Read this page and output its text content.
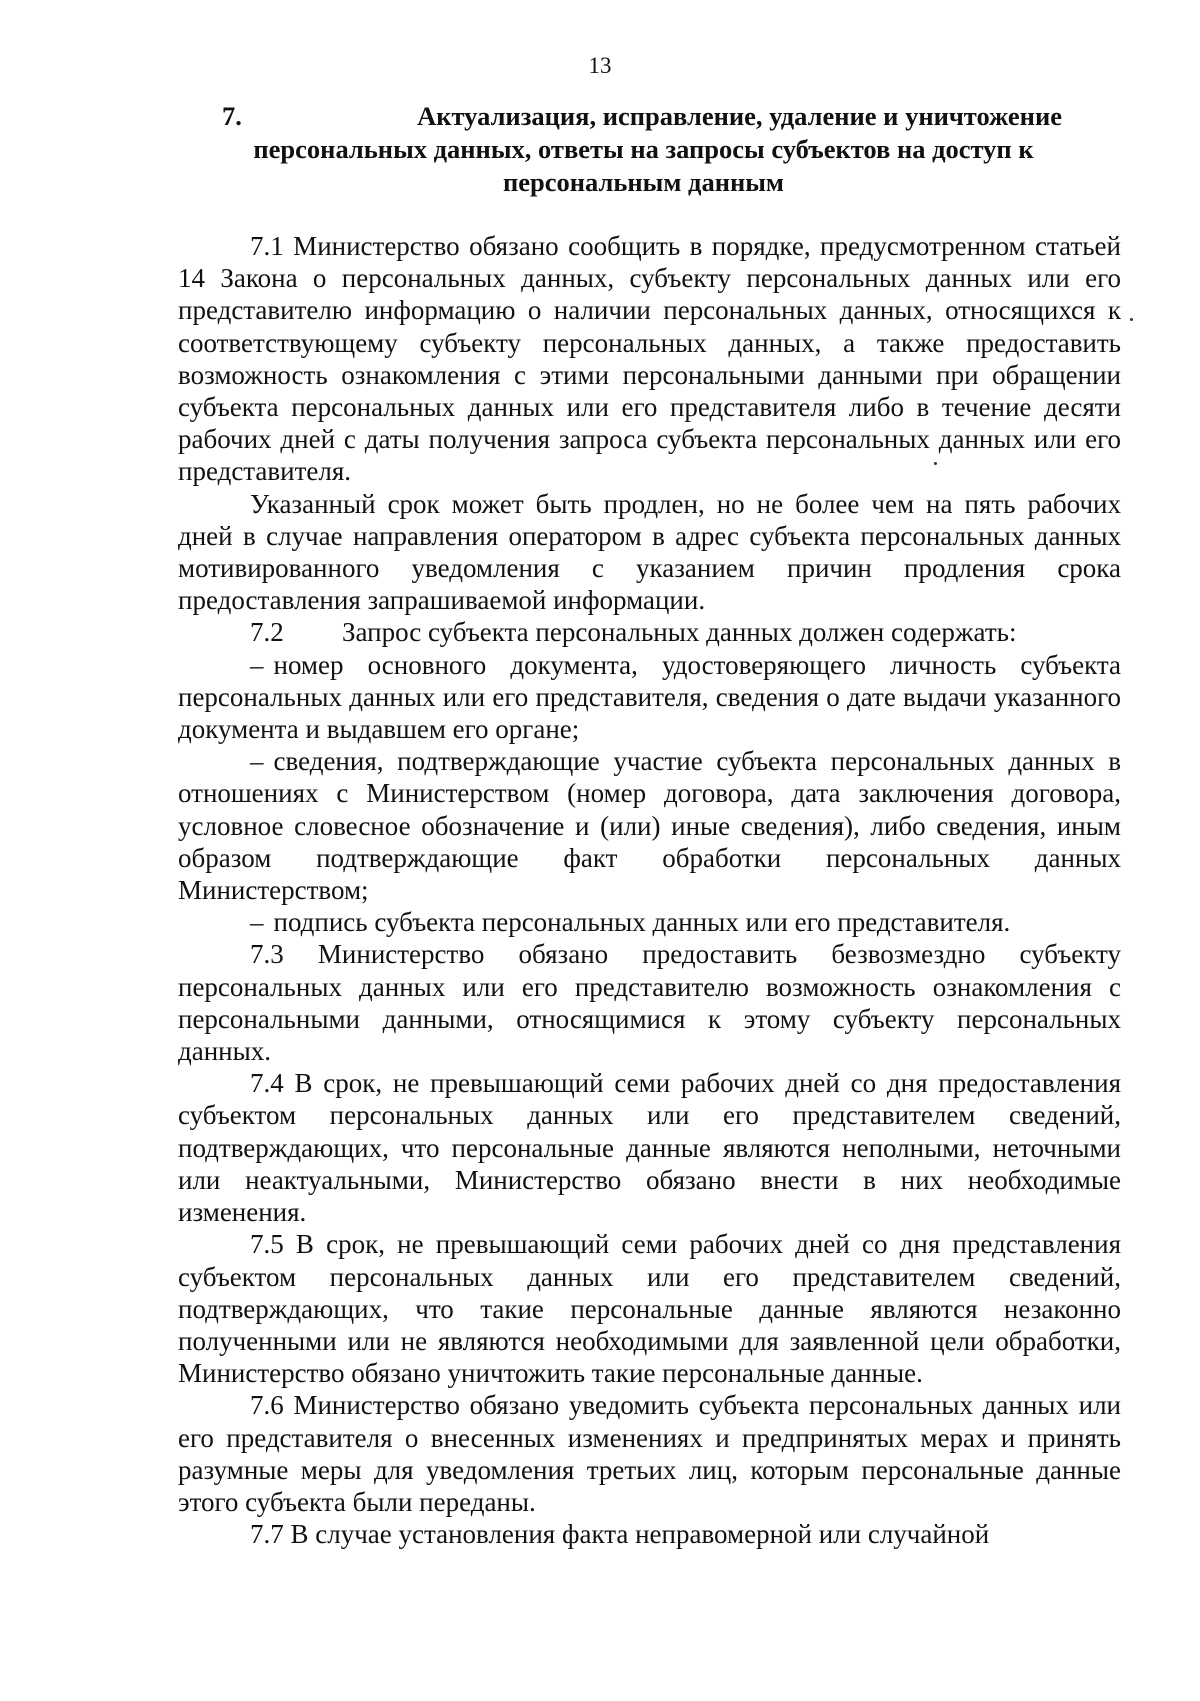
13
7.	Актуализация, исправление, удаление и уничтожение
персональных данных, ответы на запросы субъектов на доступ к
персональным данным

7.1 Министерство обязано сообщить в порядке, предусмотренном статьей 14 Закона о персональных данных, субъекту персональных данных или его представителю информацию о наличии персональных данных, относящихся к соответствующему субъекту персональных данных, а также предоставить возможность ознакомления с этими персональными данными при обращении субъекта персональных данных или его представителя либо в течение десяти рабочих дней с даты получения запроса субъекта персональных данных или его представителя.

Указанный срок может быть продлен, но не более чем на пять рабочих дней в случае направления оператором в адрес субъекта персональных данных мотивированного уведомления с указанием причин продления срока предоставления запрашиваемой информации.

7.2 Запрос субъекта персональных данных должен содержать:

– номер основного документа, удостоверяющего личность субъекта персональных данных или его представителя, сведения о дате выдачи указанного документа и выдавшем его органе;

– сведения, подтверждающие участие субъекта персональных данных в отношениях с Министерством (номер договора, дата заключения договора, условное словесное обозначение и (или) иные сведения), либо сведения, иным образом подтверждающие факт обработки персональных данных Министерством;

– подпись субъекта персональных данных или его представителя.

7.3 Министерство обязано предоставить безвозмездно субъекту персональных данных или его представителю возможность ознакомления с персональными данными, относящимися к этому субъекту персональных данных.

7.4 В срок, не превышающий семи рабочих дней со дня предоставления субъектом персональных данных или его представителем сведений, подтверждающих, что персональные данные являются неполными, неточными или неактуальными, Министерство обязано внести в них необходимые изменения.

7.5 В срок, не превышающий семи рабочих дней со дня представления субъектом персональных данных или его представителем сведений, подтверждающих, что такие персональные данные являются незаконно полученными или не являются необходимыми для заявленной цели обработки, Министерство обязано уничтожить такие персональные данные.

7.6 Министерство обязано уведомить субъекта персональных данных или его представителя о внесенных изменениях и предпринятых мерах и принять разумные меры для уведомления третьих лиц, которым персональные данные этого субъекта были переданы.

7.7 В случае установления факта неправомерной или случайной
